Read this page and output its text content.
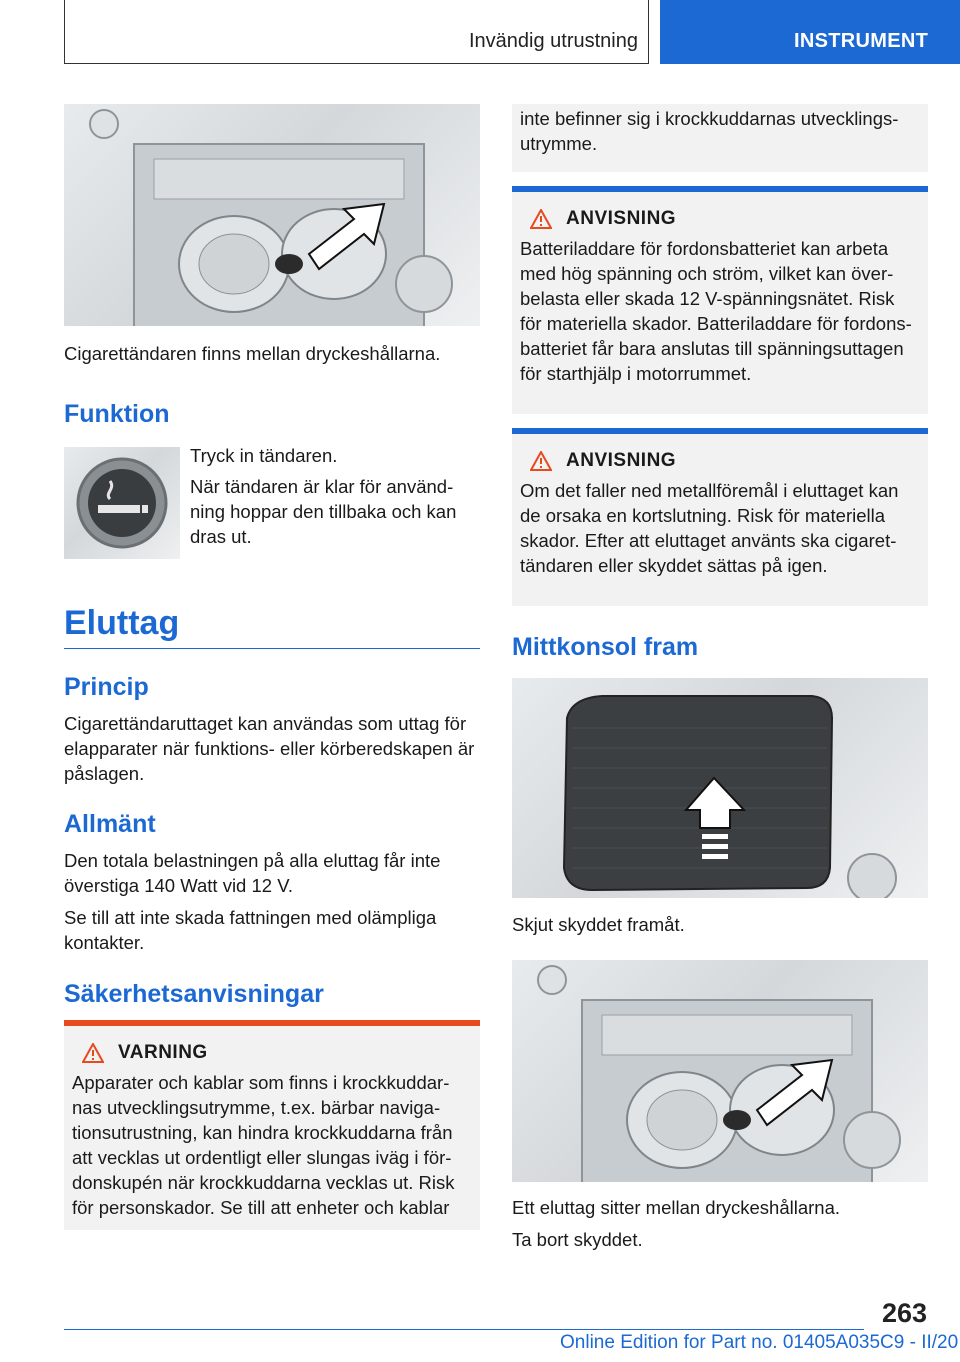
Invändig utrustning	INSTRUMENT

Cigarettändaren finns mellan dryckeshållarna.

Funktion

Tryck in tändaren.

När tändaren är klar för använd-ning hoppar den tillbaka och kan dras ut.

Eluttag
Princip

Cigarettändaruttaget kan användas som uttag för elapparater när funktions- eller körberedskapen är påslagen.

Allmänt

Den totala belastningen på alla eluttag får inte överstiga 140 Watt vid 12 V.

Se till att inte skada fattningen med olämpliga kontakter.

Säkerhetsanvisningar
VARNING

Apparater och kablar som finns i krockkuddar-nas utvecklingsutrymme, t.ex. bärbar naviga-tionsutrustning, kan hindra krockkuddarna från att vecklas ut ordentligt eller slungas iväg i för-donskupén när krockkuddarna vecklas ut. Risk för personskador. Se till att enheter och kablar

inte befinner sig i krockkuddarnas utvecklings-utrymme.

ANVISNING

Batteriladdare för fordonsbatteriet kan arbeta med hög spänning och ström, vilket kan över-belasta eller skada 12 V-spänningsnätet. Risk för materiella skador. Batteriladdare för fordons-batteriet får bara anslutas till spänningsuttagen för starthjälp i motorrummet.

ANVISNING

Om det faller ned metallföremål i eluttaget kan de orsaka en kortslutning. Risk för materiella skador. Efter att eluttaget använts ska cigaret-tändaren eller skyddet sättas på igen.

Mittkonsol fram

Skjut skyddet framåt.

Ett eluttag sitter mellan dryckeshållarna.

Ta bort skyddet.

263
Online Edition for Part no. 01405A035C9 - II/20
